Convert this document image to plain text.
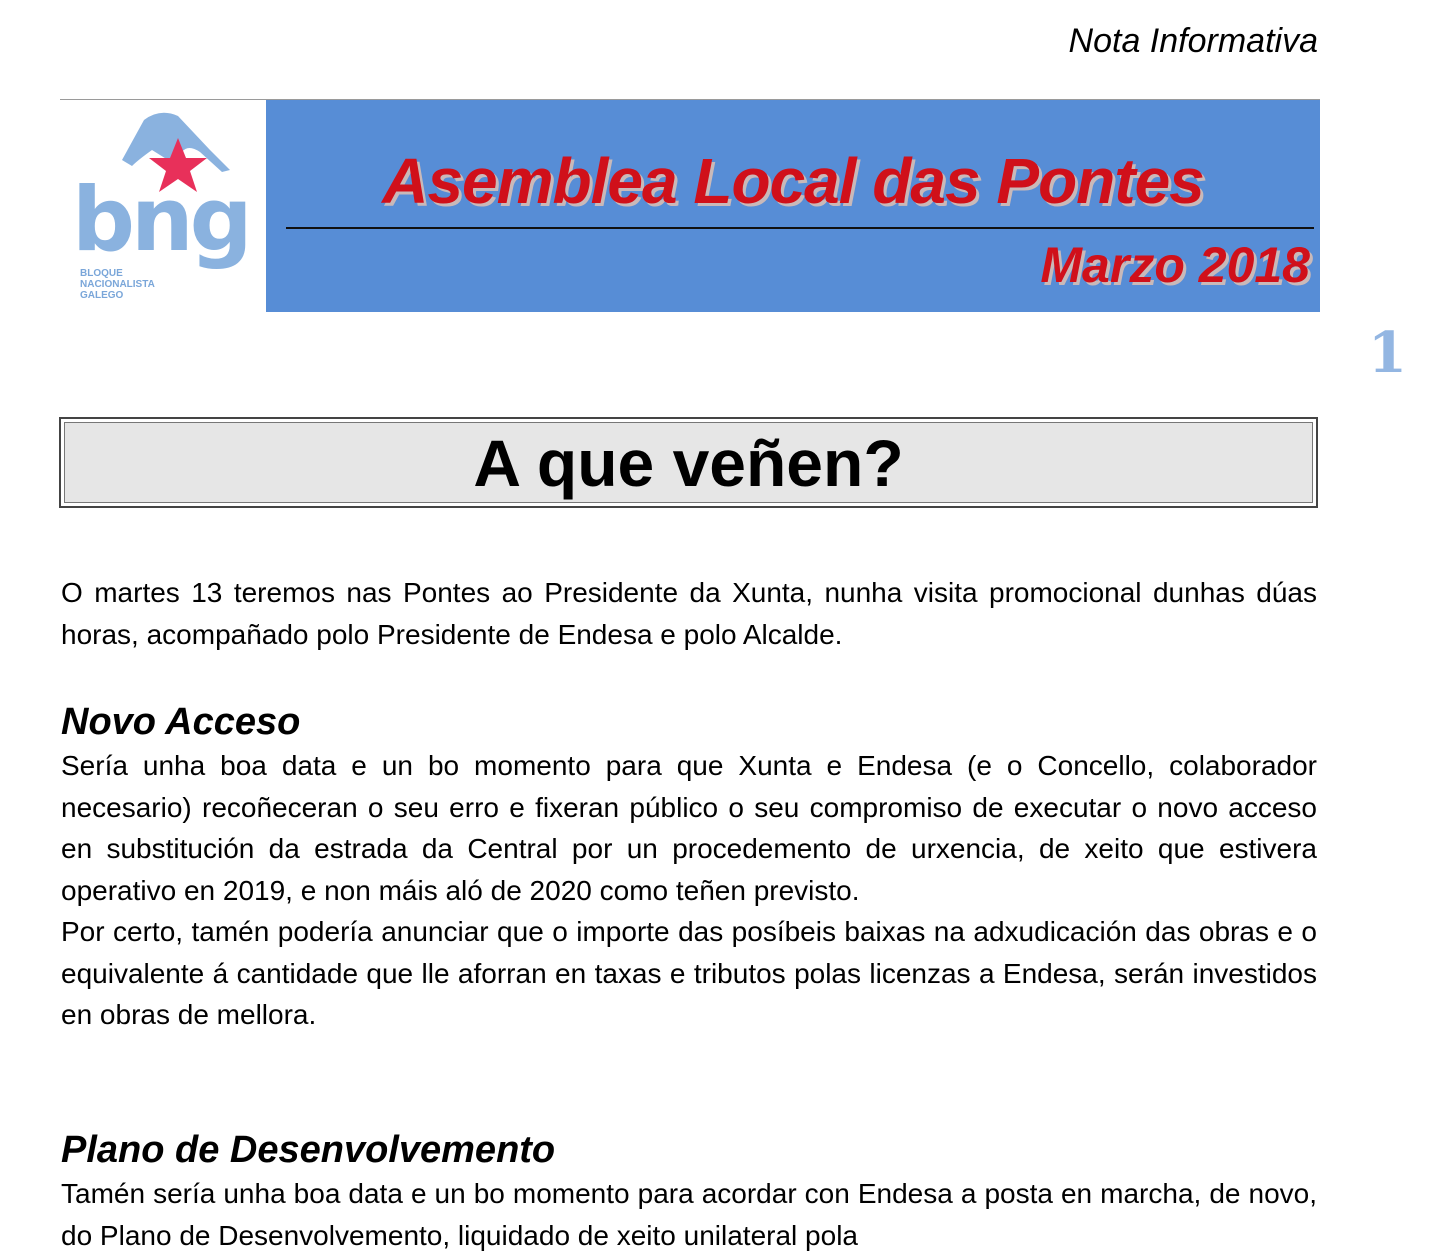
Nota Informativa
bng
BLOQUE
NACIONALISTA
GALEGO
Asemblea Local das Pontes
Marzo 2018
1
A que veñen?

O martes 13 teremos nas Pontes ao Presidente da Xunta, nunha visita promocional dunhas dúas horas, acompañado polo Presidente de Endesa e polo Alcalde.

Novo Acceso

Sería unha boa data e un bo momento para que Xunta e Endesa (e o Concello, colaborador necesario) recoñeceran o seu erro e fixeran público o seu compromiso de executar o novo acceso en substitución da estrada da Central por un procedemento de urxencia, de xeito que estivera operativo en 2019, e non máis aló de 2020 como teñen previsto.

Por certo, tamén podería anunciar que o importe das posíbeis baixas na adxudicación das obras e o equivalente á cantidade que lle aforran en taxas e tributos polas licenzas a Endesa, serán investidos en obras de mellora.

Plano de Desenvolvemento

Tamén sería unha boa data e un bo momento para acordar con Endesa a posta en marcha, de novo, do Plano de Desenvolvemento, liquidado de xeito unilateral pola
